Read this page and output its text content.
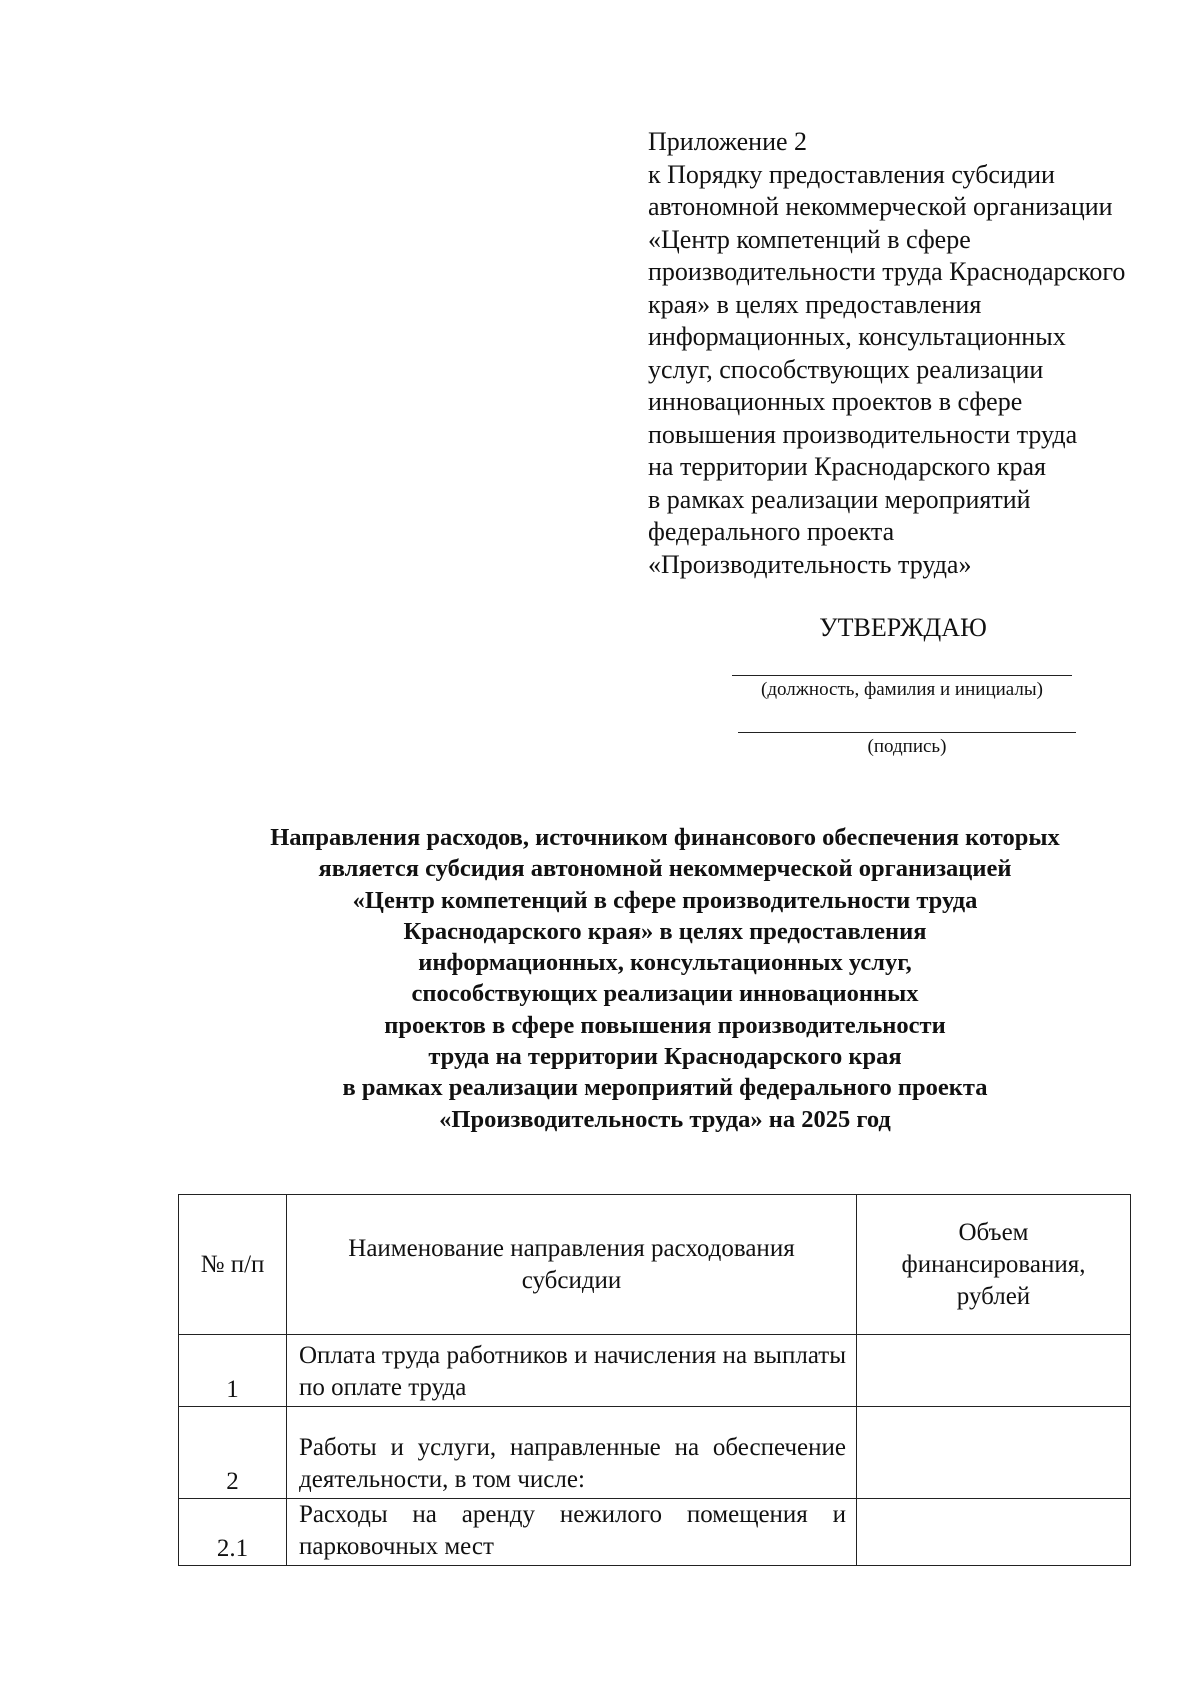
Приложение 2
к Порядку предоставления субсидии
автономной некоммерческой организации
«Центр компетенций в сфере
производительности труда Краснодарского
края» в целях предоставления
информационных, консультационных
услуг, способствующих реализации
инновационных проектов в сфере
повышения производительности труда
на территории Краснодарского края
в рамках реализации мероприятий
федерального проекта
«Производительность труда»
УТВЕРЖДАЮ
(должность, фамилия и инициалы)
(подпись)
Направления расходов, источником финансового обеспечения которых
является субсидия автономной некоммерческой организацией
«Центр компетенций в сфере производительности труда
Краснодарского края» в целях предоставления
информационных, консультационных услуг,
способствующих реализации инновационных
проектов в сфере повышения производительности
труда на территории Краснодарского края
в рамках реализации мероприятий федерального проекта
«Производительность труда» на 2025 год
№ п/п	Наименование направления расходования субсидии	Объем финансирования, рублей
1	Оплата труда работников и начисления на выплаты по оплате труда	
2	Работы и услуги, направленные на обеспечение деятельности, в том числе:	
2.1	Расходы на аренду нежилого помещения и парковочных мест	
